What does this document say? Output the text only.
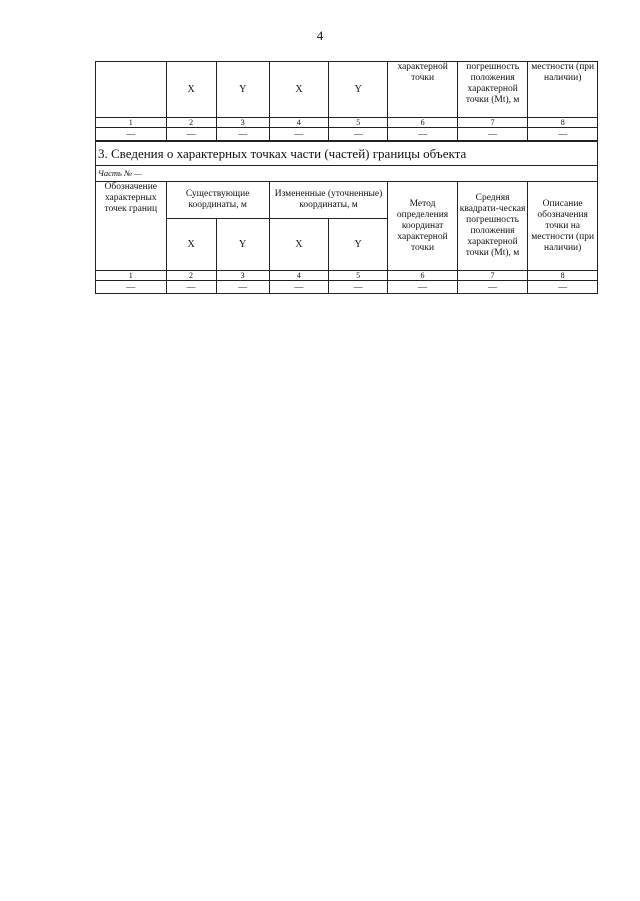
4
	X	Y	X	Y	характерной точки	погрешность положения характерной точки (Mt), м	местности (при наличии)
1	2	3	4	5	6	7	8
—	—	—	—	—	—	—	—
3. Сведения о характерных точках части (частей) границы объекта							
Часть № —							
Обозначение характерных точек границ	Существующие координаты, м		Измененные (уточненные) координаты, м		Метод определения координат характерной точки	Средняя квадрати-ческая погрешность положения характерной точки (Mt), м	Описание обозначения точки на местности (при наличии)
	X	Y	X	Y			
1	2	3	4	5	6	7	8
—	—	—	—	—	—	—	—
